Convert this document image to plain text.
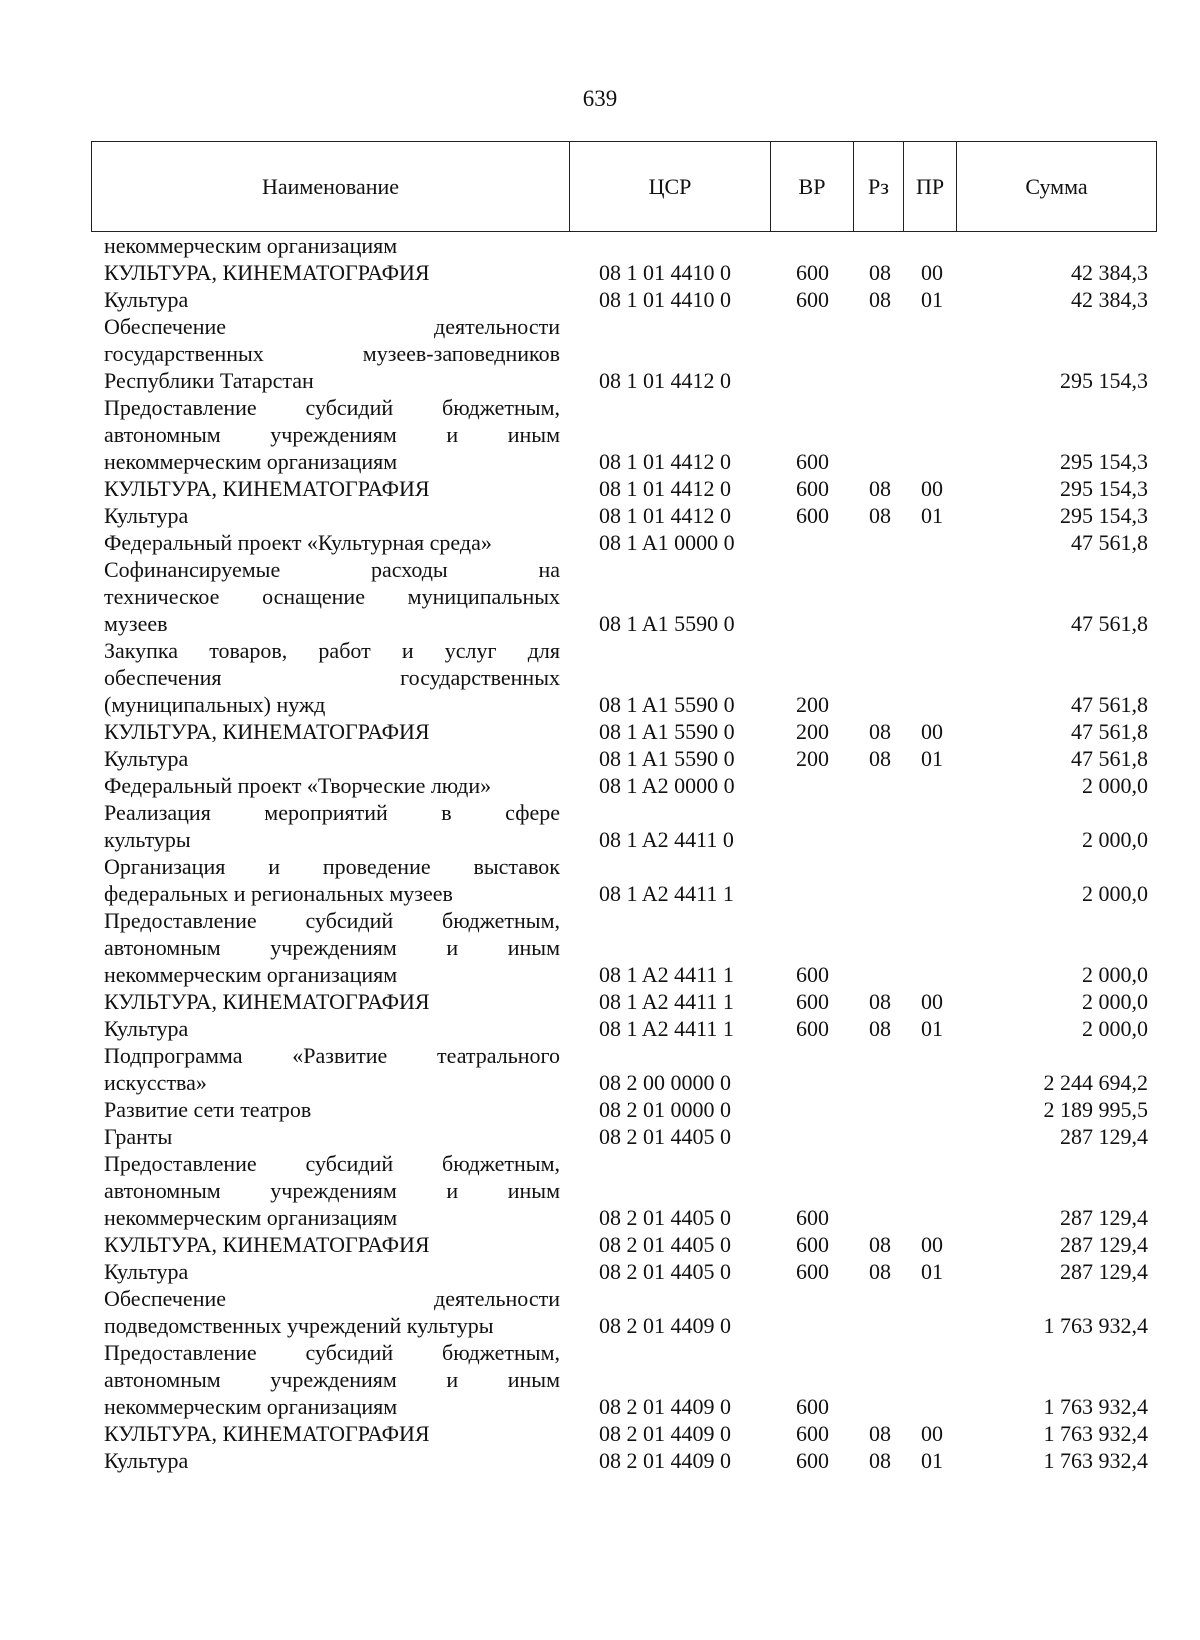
639
Наименование	ЦСР	ВР	Рз	ПР	Сумма
некоммерческим организациям
КУЛЬТУРА, КИНЕМАТОГРАФИЯ	08 1 01 4410 0	600 08 00	42 384,3
Культура	08 1 01 4410 0	600 08 01	42 384,3
Обеспечение деятельности
государственных музеев-заповедников
Республики Татарстан	08 1 01 4412 0	295 154,3
Предоставление субсидий бюджетным,
автономным учреждениям и иным
некоммерческим организациям	08 1 01 4412 0	600	295 154,3
КУЛЬТУРА, КИНЕМАТОГРАФИЯ	08 1 01 4412 0	600 08 00	295 154,3
Культура	08 1 01 4412 0	600 08 01	295 154,3
Федеральный проект «Культурная среда»	08 1 A1 0000 0	47 561,8
Софинансируемые расходы на
техническое оснащение муниципальных
музеев	08 1 A1 5590 0	47 561,8
Закупка товаров, работ и услуг для
обеспечения государственных
(муниципальных) нужд	08 1 A1 5590 0	200	47 561,8
КУЛЬТУРА, КИНЕМАТОГРАФИЯ	08 1 A1 5590 0	200 08 00	47 561,8
Культура	08 1 A1 5590 0	200 08 01	47 561,8
Федеральный проект «Творческие люди»	08 1 A2 0000 0	2 000,0
Реализация мероприятий в сфере
культуры	08 1 A2 4411 0	2 000,0
Организация и проведение выставок
федеральных и региональных музеев	08 1 A2 4411 1	2 000,0
Предоставление субсидий бюджетным,
автономным учреждениям и иным
некоммерческим организациям	08 1 A2 4411 1	600	2 000,0
КУЛЬТУРА, КИНЕМАТОГРАФИЯ	08 1 A2 4411 1	600 08 00	2 000,0
Культура	08 1 A2 4411 1	600 08 01	2 000,0
Подпрограмма «Развитие театрального
искусства»	08 2 00 0000 0	2 244 694,2
Развитие сети театров	08 2 01 0000 0	2 189 995,5
Гранты	08 2 01 4405 0	287 129,4
Предоставление субсидий бюджетным,
автономным учреждениям и иным
некоммерческим организациям	08 2 01 4405 0	600	287 129,4
КУЛЬТУРА, КИНЕМАТОГРАФИЯ	08 2 01 4405 0	600 08 00	287 129,4
Культура	08 2 01 4405 0	600 08 01	287 129,4
Обеспечение деятельности
подведомственных учреждений культуры	08 2 01 4409 0	1 763 932,4
Предоставление субсидий бюджетным,
автономным учреждениям и иным
некоммерческим организациям	08 2 01 4409 0	600	1 763 932,4
КУЛЬТУРА, КИНЕМАТОГРАФИЯ	08 2 01 4409 0	600 08 00	1 763 932,4
Культура	08 2 01 4409 0	600 08 01	1 763 932,4
